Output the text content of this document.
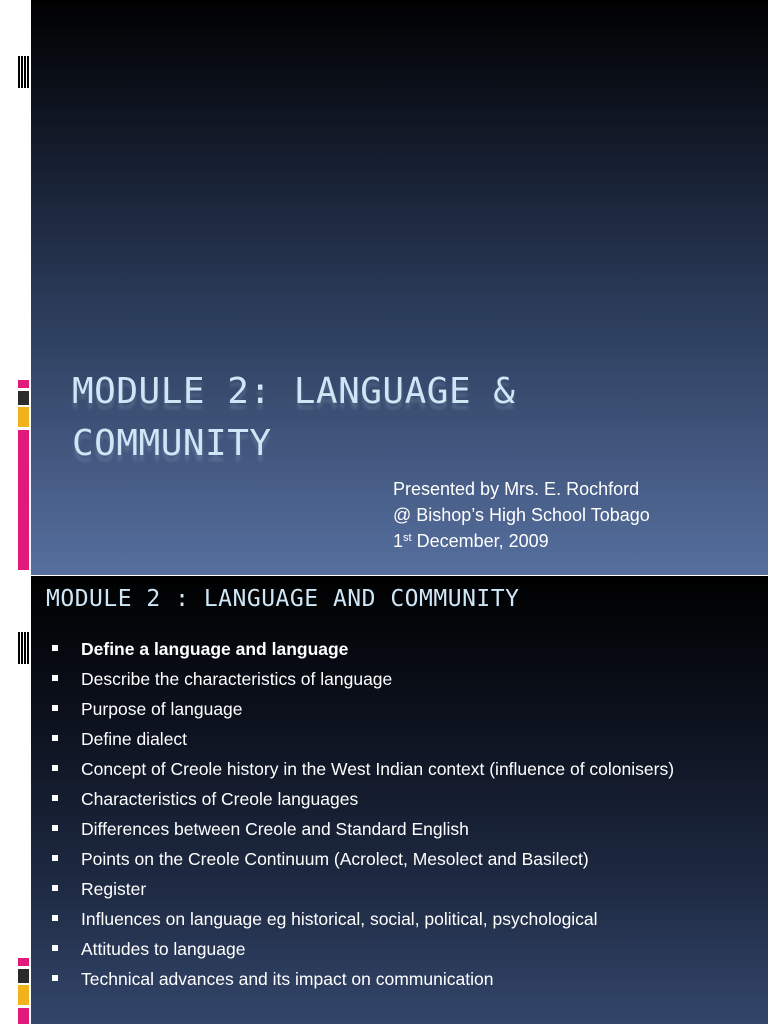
MODULE 2: LANGUAGE &
COMMUNITY
Presented by Mrs. E. Rochford
@ Bishop’s High School Tobago
1st December, 2009
MODULE 2 : LANGUAGE AND COMMUNITY
Define a language and language
Describe the characteristics of language
Purpose of language
Define dialect
Concept of Creole history in the West Indian context (influence of colonisers)
Characteristics of Creole languages
Differences between Creole and Standard English
Points on the Creole Continuum (Acrolect, Mesolect and Basilect)
Register
Influences on language eg historical, social, political, psychological
Attitudes to language
Technical advances and its impact on communication
